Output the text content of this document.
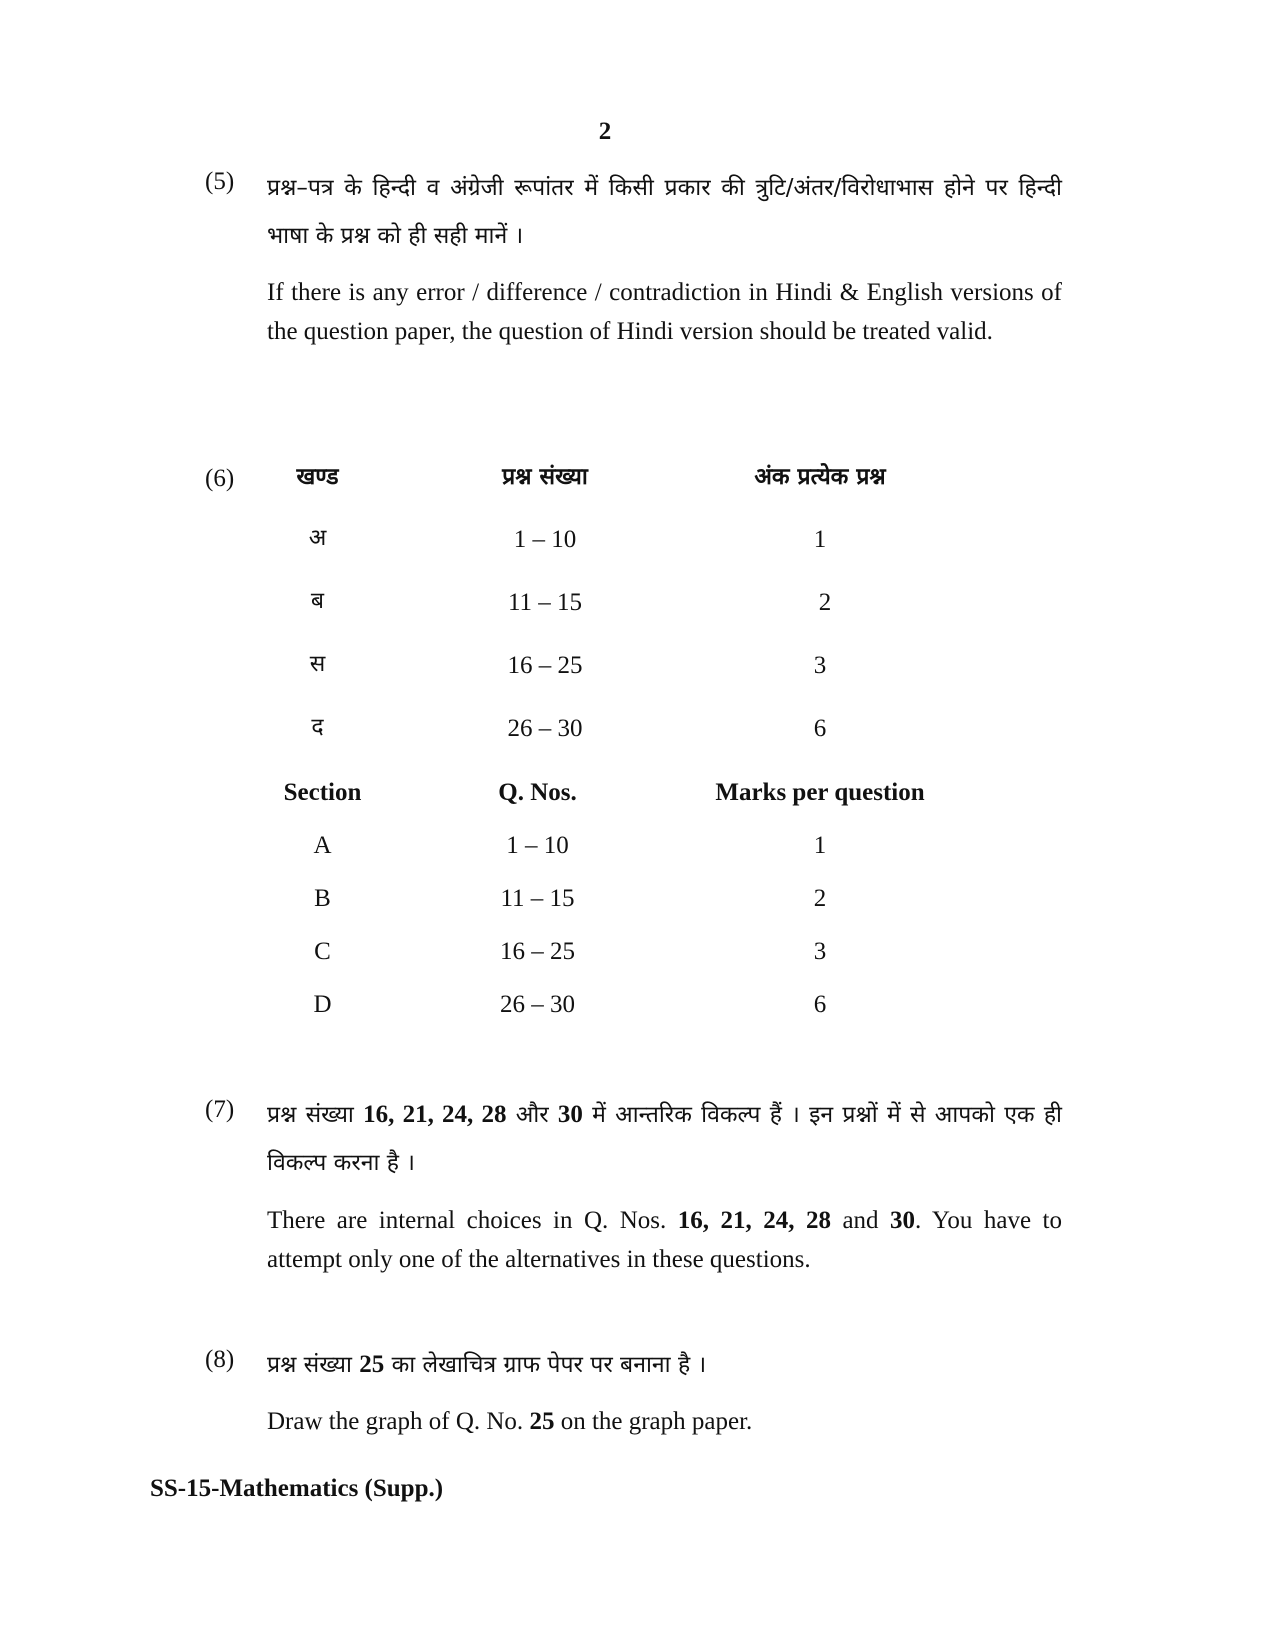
2
(5) प्रश्न–पत्र के हिन्दी व अंग्रेजी रूपांतर में किसी प्रकार की त्रुटि/अंतर/विरोधाभास होने पर हिन्दी भाषा के प्रश्न को ही सही मानें ।
If there is any error / difference / contradiction in Hindi & English versions of the question paper, the question of Hindi version should be treated valid.
(6)	खण्ड	प्रश्न संख्या	अंक प्रत्येक प्रश्न
अ	1 – 10	1
ब	11 – 15	2
स	16 – 25	3
द	26 – 30	6
Section	Q. Nos.	Marks per question
A	1 – 10	1
B	11 – 15	2
C	16 – 25	3
D	26 – 30	6
(7) प्रश्न संख्या 16, 21, 24, 28 और 30 में आन्तरिक विकल्प हैं । इन प्रश्नों में से आपको एक ही विकल्प करना है ।
There are internal choices in Q. Nos. 16, 21, 24, 28 and 30. You have to attempt only one of the alternatives in these questions.
(8) प्रश्न संख्या 25 का लेखाचित्र ग्राफ पेपर पर बनाना है ।
Draw the graph of Q. No. 25 on the graph paper.
SS-15-Mathematics (Supp.)
